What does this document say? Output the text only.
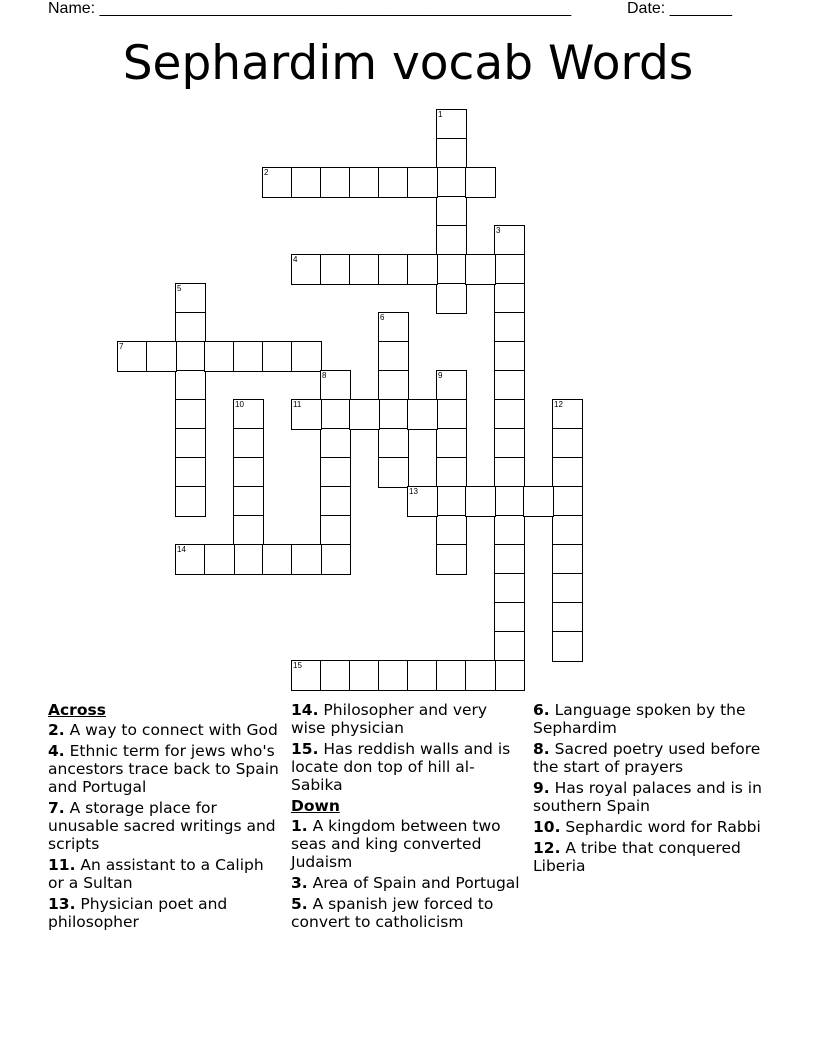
Name: _____________________________________________________	Date: _______
Sephardim vocab Words
1
2
3
4
5
6
7
8	9
10	11	12
13
14
15
Across
2. A way to connect with God
4. Ethnic term for jews who's ancestors trace back to Spain and Portugal
7. A storage place for unusable sacred writings and scripts
11. An assistant to a Caliph or a Sultan
13. Physician poet and philosopher
14. Philosopher and very wise physician
15. Has reddish walls and is locate don top of hill al-Sabika
Down
1. A kingdom between two seas and king converted Judaism
3. Area of Spain and Portugal
5. A spanish jew forced to convert to catholicism
6. Language spoken by the Sephardim
8. Sacred poetry used before the start of prayers
9. Has royal palaces and is in southern Spain
10. Sephardic word for Rabbi
12. A tribe that conquered Liberia
